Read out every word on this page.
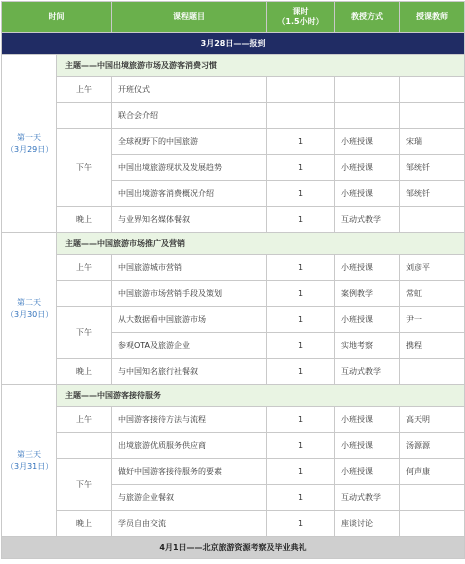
时间		课程题目	课时
（1.5小时）	教授方式	授课教师
3月28日——报到					
第一天
（3月29日）	主题——中国出境旅游市场及游客消费习惯				
	上午	开班仪式			
		联合会介绍			
	下午	全球视野下的中国旅游	1	小班授课	宋瑞
		中国出境旅游现状及发展趋势	1	小班授课	邹统钎
		中国出境游客消费概况介绍	1	小班授课	邹统钎
	晚上	与业界知名媒体餐叙	1	互动式教学	
第二天
（3月30日）	主题——中国旅游市场推广及营销				
	上午	中国旅游城市营销	1	小班授课	刘彦平
		中国旅游市场营销手段及策划	1	案例教学	常虹
	下午	从大数据看中国旅游市场	1	小班授课	尹一
		参观OTA及旅游企业	1	实地考察	携程
	晚上	与中国知名旅行社餐叙	1	互动式教学	
第三天
（3月31日）	主题——中国游客接待服务				
	上午	中国游客接待方法与流程	1	小班授课	高天明
		出境旅游优质服务供应商	1	小班授课	汤源源
	下午	做好中国游客接待服务的要素	1	小班授课	何声康
		与旅游企业餐叙	1	互动式教学	
	晚上	学员自由交流	1	座谈讨论	
4月1日——北京旅游资源考察及毕业典礼					
